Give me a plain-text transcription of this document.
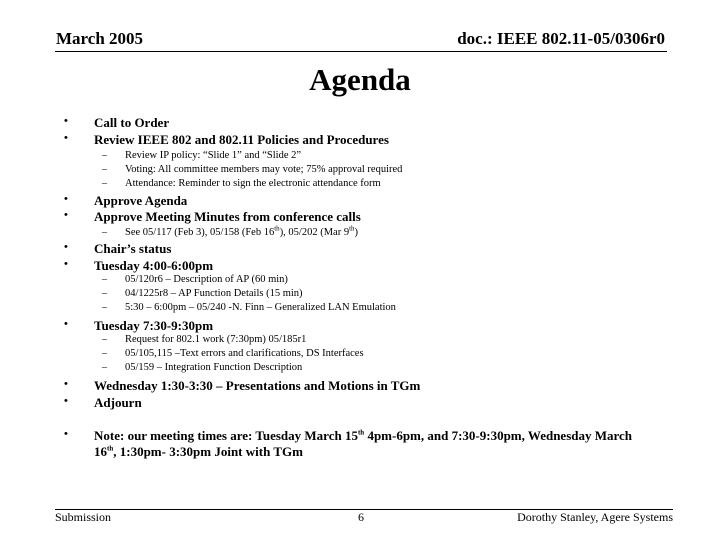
March 2005	doc.: IEEE 802.11-05/0306r0
Agenda
• Call to Order
• Review IEEE 802 and 802.11 Policies and Procedures
– Review IP policy: “Slide 1” and “Slide 2”
– Voting: All committee members may vote; 75% approval required
– Attendance: Reminder to sign the electronic attendance form
• Approve Agenda
• Approve Meeting Minutes from conference calls
– See 05/117 (Feb 3), 05/158 (Feb 16th), 05/202 (Mar 9th)
• Chair’s status
• Tuesday 4:00-6:00pm
– 05/120r6 – Description of AP (60 min)
– 04/1225r8 – AP Function Details (15 min)
– 5:30 – 6:00pm – 05/240 -N. Finn – Generalized LAN Emulation
• Tuesday 7:30-9:30pm
– Request for 802.1 work (7:30pm) 05/185r1
– 05/105,115 –Text errors and clarifications, DS Interfaces
– 05/159 – Integration Function Description
• Wednesday 1:30-3:30 – Presentations and Motions in TGm
• Adjourn
• Note: our meeting times are: Tuesday March 15th 4pm-6pm, and 7:30-9:30pm, Wednesday March 16th, 1:30pm- 3:30pm Joint with TGm
Submission	6	Dorothy Stanley, Agere Systems
